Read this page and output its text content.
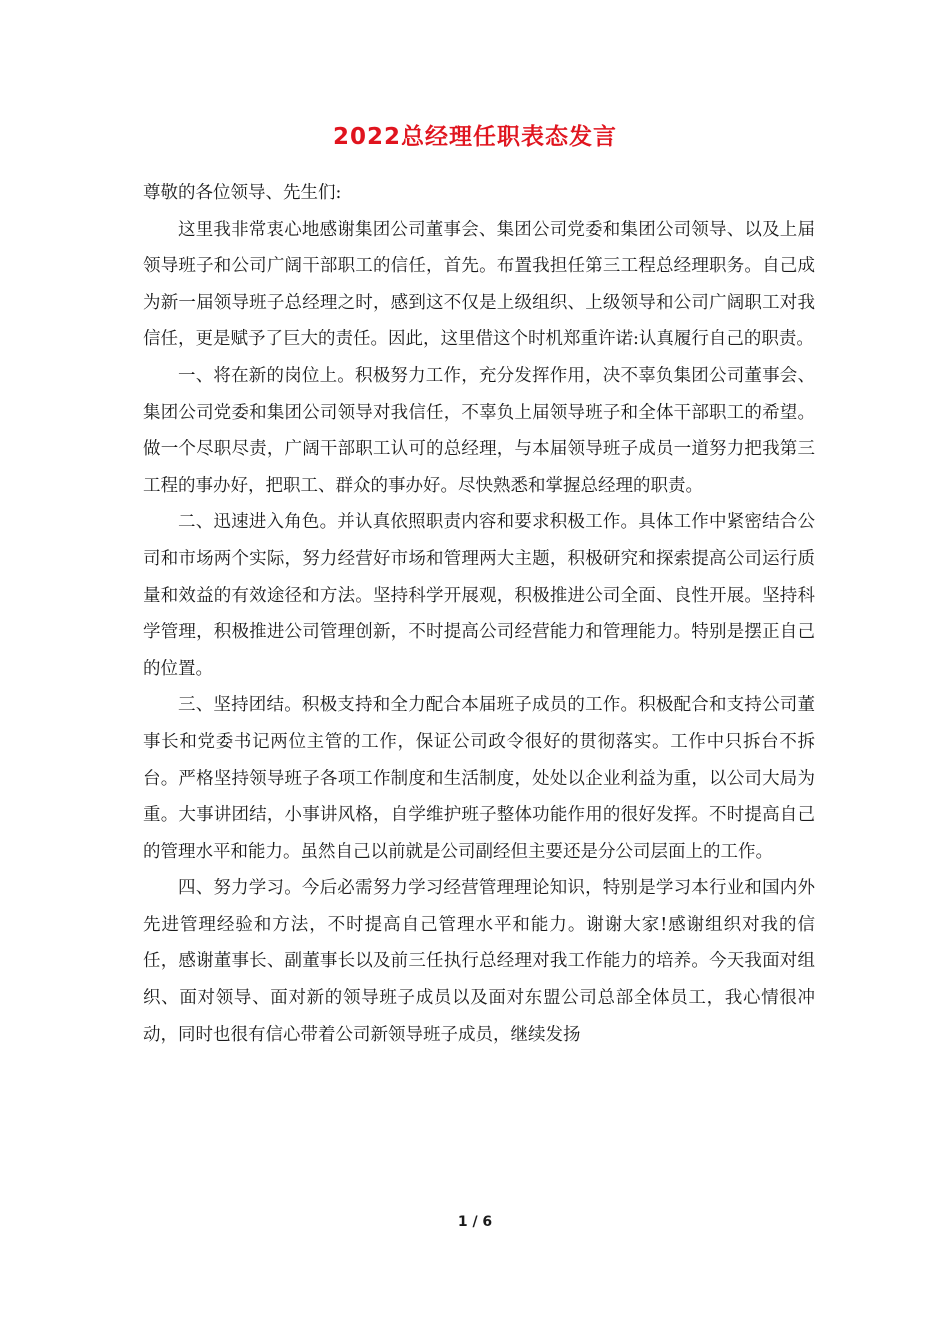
2022总经理任职表态发言

尊敬的各位领导、先生们:

这里我非常衷心地感谢集团公司董事会、集团公司党委和集团公司领导、以及上届领导班子和公司广阔干部职工的信任，首先。布置我担任第三工程总经理职务。自己成为新一届领导班子总经理之时，感到这不仅是上级组织、上级领导和公司广阔职工对我信任，更是赋予了巨大的责任。因此，这里借这个时机郑重许诺:认真履行自己的职责。

一、将在新的岗位上。积极努力工作，充分发挥作用，决不辜负集团公司董事会、集团公司党委和集团公司领导对我信任，不辜负上届领导班子和全体干部职工的希望。做一个尽职尽责，广阔干部职工认可的总经理，与本届领导班子成员一道努力把我第三工程的事办好，把职工、群众的事办好。尽快熟悉和掌握总经理的职责。

二、迅速进入角色。并认真依照职责内容和要求积极工作。具体工作中紧密结合公司和市场两个实际，努力经营好市场和管理两大主题，积极研究和探索提高公司运行质量和效益的有效途径和方法。坚持科学开展观，积极推进公司全面、良性开展。坚持科学管理，积极推进公司管理创新，不时提高公司经营能力和管理能力。特别是摆正自己的位置。

三、坚持团结。积极支持和全力配合本届班子成员的工作。积极配合和支持公司董事长和党委书记两位主管的工作，保证公司政令很好的贯彻落实。工作中只拆台不拆台。严格坚持领导班子各项工作制度和生活制度，处处以企业利益为重，以公司大局为重。大事讲团结，小事讲风格，自学维护班子整体功能作用的很好发挥。不时提高自己的管理水平和能力。虽然自己以前就是公司副经但主要还是分公司层面上的工作。

四、努力学习。今后必需努力学习经营管理理论知识，特别是学习本行业和国内外先进管理经验和方法，不时提高自己管理水平和能力。谢谢大家!感谢组织对我的信任，感谢董事长、副董事长以及前三任执行总经理对我工作能力的培养。今天我面对组织、面对领导、面对新的领导班子成员以及面对东盟公司总部全体员工，我心情很冲动，同时也很有信心带着公司新领导班子成员，继续发扬

1 / 6
